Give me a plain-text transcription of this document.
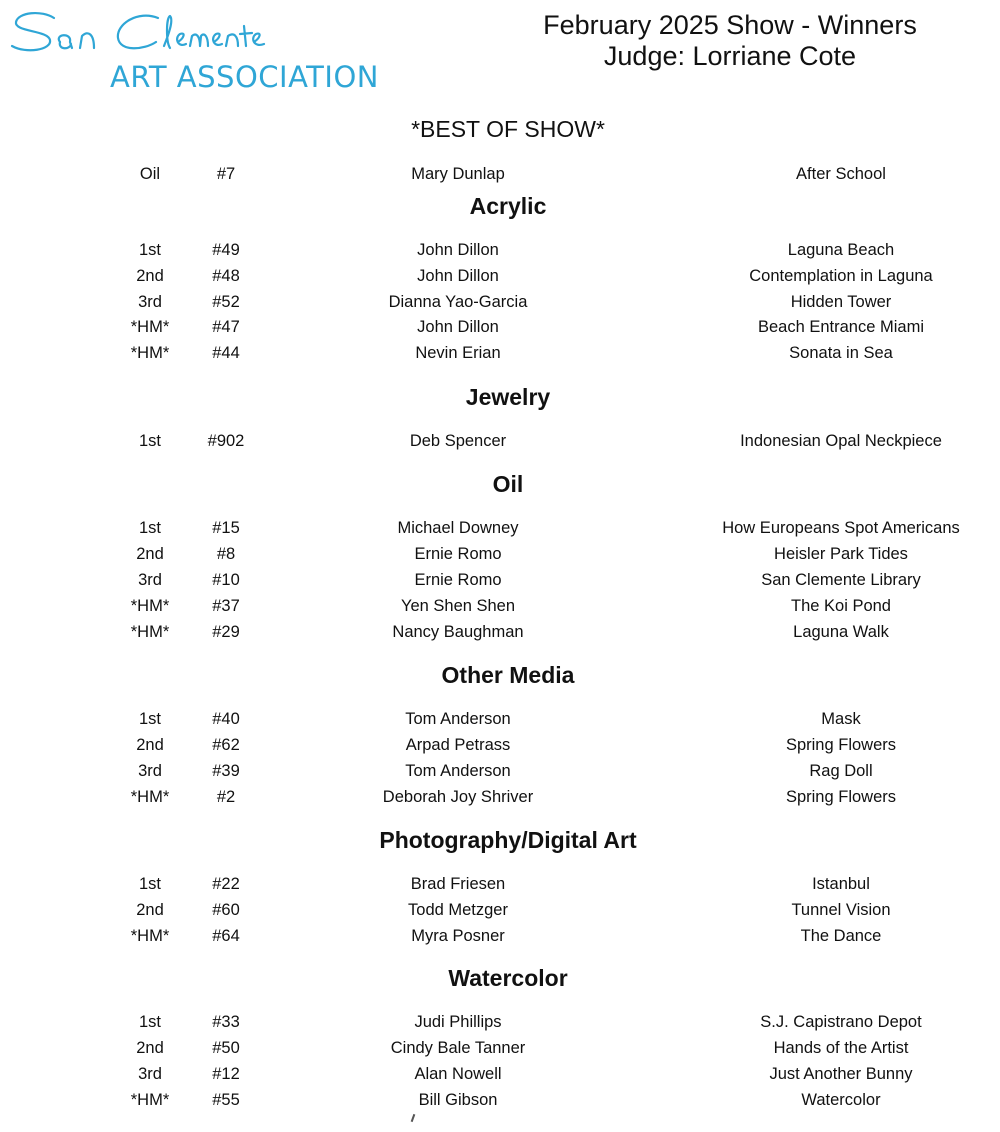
ART ASSOCIATION
February 2025 Show - Winners
Judge: Lorriane Cote
*BEST OF SHOW*
Oil	#7	Mary Dunlap	After School
Acrylic
1st	#49	John Dillon	Laguna Beach
2nd	#48	John Dillon	Contemplation in Laguna
3rd	#52	Dianna Yao-Garcia	Hidden Tower
*HM*	#47	John Dillon	Beach Entrance Miami
*HM*	#44	Nevin Erian	Sonata in Sea
Jewelry
1st	#902	Deb Spencer	Indonesian Opal Neckpiece
Oil
1st	#15	Michael Downey	How Europeans Spot Americans
2nd	#8	Ernie Romo	Heisler Park Tides
3rd	#10	Ernie Romo	San Clemente Library
*HM*	#37	Yen Shen Shen	The Koi Pond
*HM*	#29	Nancy Baughman	Laguna Walk
Other Media
1st	#40	Tom Anderson	Mask
2nd	#62	Arpad Petrass	Spring Flowers
3rd	#39	Tom Anderson	Rag Doll
*HM*	#2	Deborah Joy Shriver	Spring Flowers
Photography/Digital Art
1st	#22	Brad Friesen	Istanbul
2nd	#60	Todd Metzger	Tunnel Vision
*HM*	#64	Myra Posner	The Dance
Watercolor
1st	#33	Judi Phillips	S.J. Capistrano Depot
2nd	#50	Cindy Bale Tanner	Hands of the Artist
3rd	#12	Alan Nowell	Just Another Bunny
*HM*	#55	Bill Gibson	Watercolor
